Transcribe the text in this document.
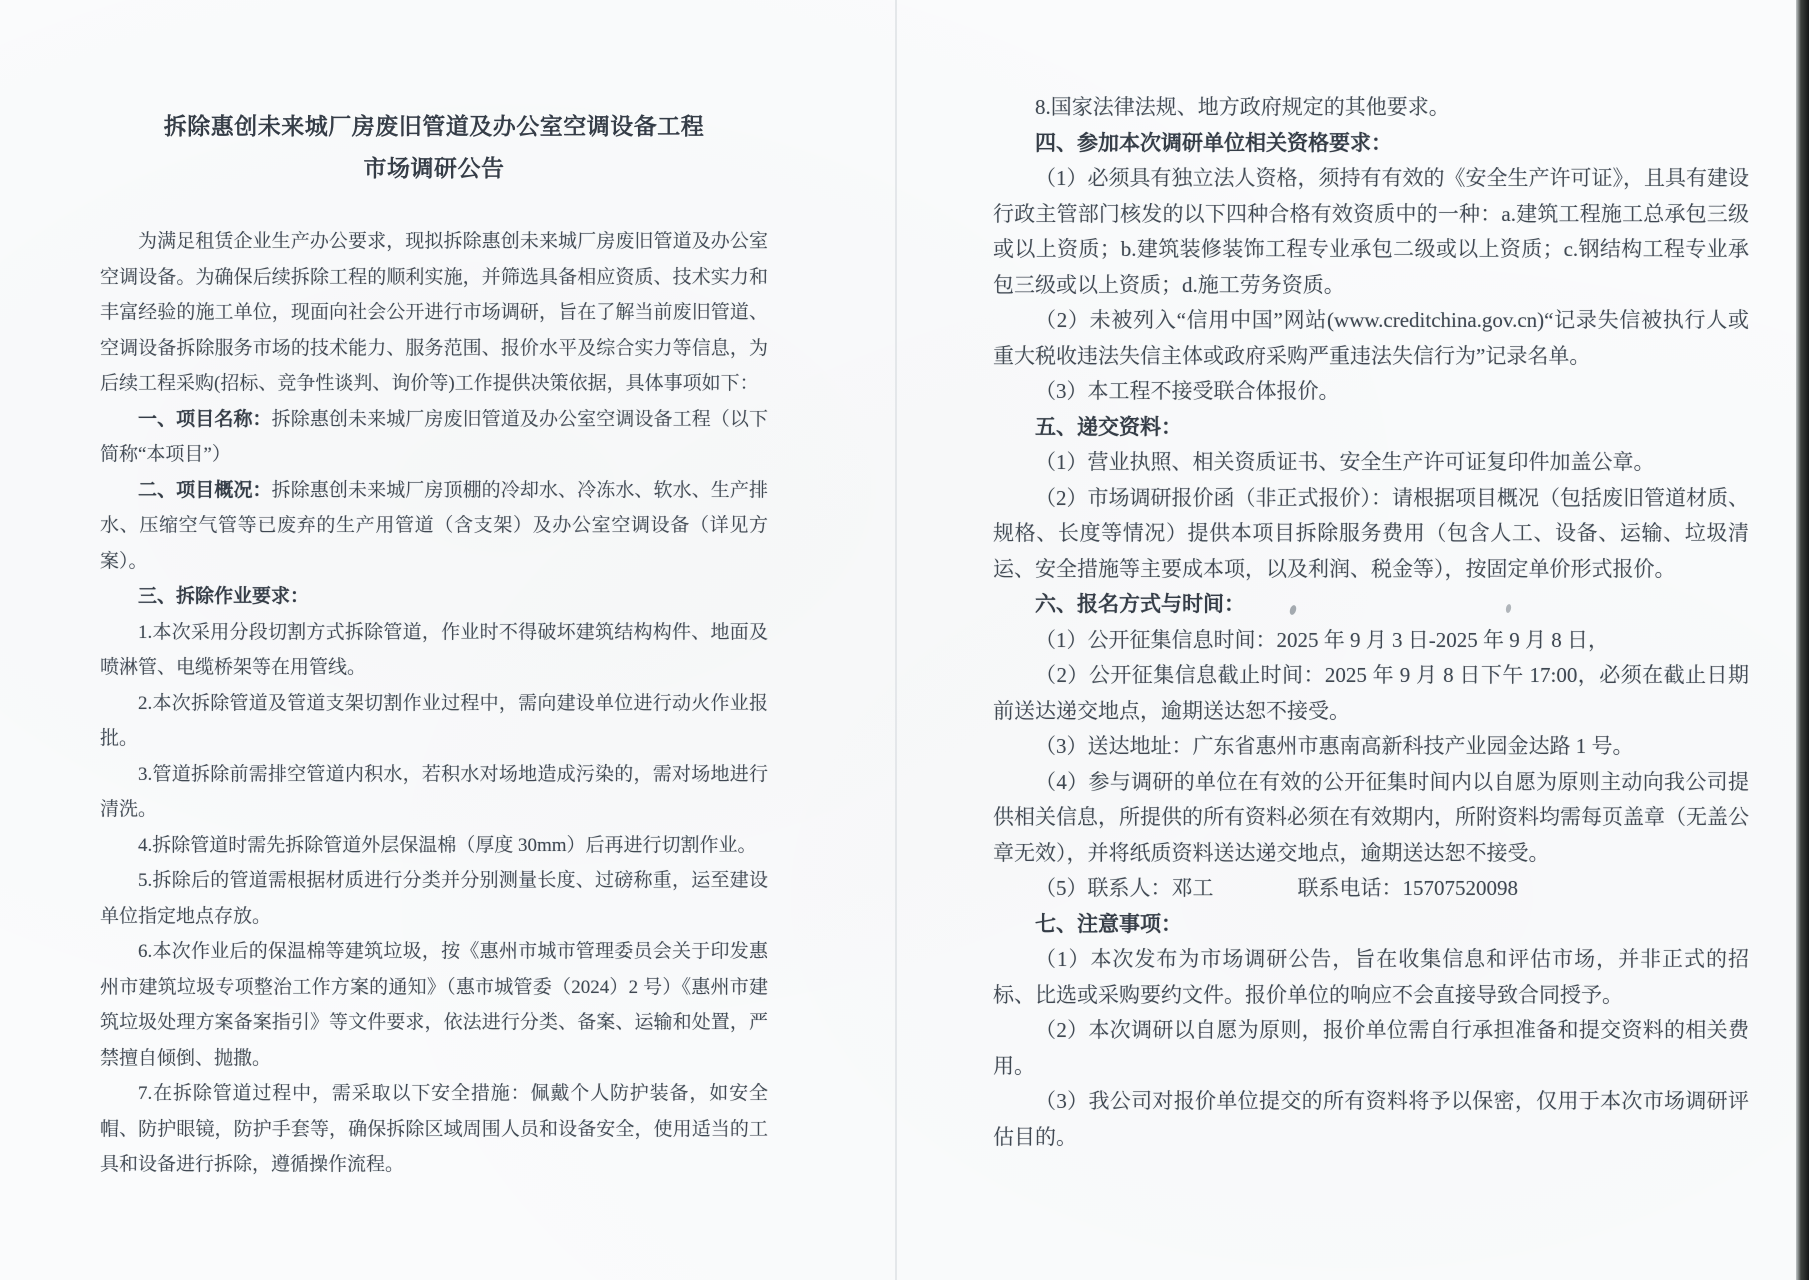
拆除惠创未来城厂房废旧管道及办公室空调设备工程
市场调研公告

为满足租赁企业生产办公要求，现拟拆除惠创未来城厂房废旧管道及办公室空调设备。为确保后续拆除工程的顺利实施，并筛选具备相应资质、技术实力和丰富经验的施工单位，现面向社会公开进行市场调研，旨在了解当前废旧管道、空调设备拆除服务市场的技术能力、服务范围、报价水平及综合实力等信息，为后续工程采购(招标、竞争性谈判、询价等)工作提供决策依据，具体事项如下：

一、项目名称：拆除惠创未来城厂房废旧管道及办公室空调设备工程（以下简称“本项目”）

二、项目概况：拆除惠创未来城厂房顶棚的冷却水、冷冻水、软水、生产排水、压缩空气管等已废弃的生产用管道（含支架）及办公室空调设备（详见方案）。

三、拆除作业要求：

1.本次采用分段切割方式拆除管道，作业时不得破坏建筑结构构件、地面及喷淋管、电缆桥架等在用管线。

2.本次拆除管道及管道支架切割作业过程中，需向建设单位进行动火作业报批。

3.管道拆除前需排空管道内积水，若积水对场地造成污染的，需对场地进行清洗。

4.拆除管道时需先拆除管道外层保温棉（厚度 30mm）后再进行切割作业。

5.拆除后的管道需根据材质进行分类并分别测量长度、过磅称重，运至建设单位指定地点存放。

6.本次作业后的保温棉等建筑垃圾，按《惠州市城市管理委员会关于印发惠州市建筑垃圾专项整治工作方案的通知》（惠市城管委（2024）2 号）《惠州市建筑垃圾处理方案备案指引》等文件要求，依法进行分类、备案、运输和处置，严禁擅自倾倒、抛撒。

7.在拆除管道过程中，需采取以下安全措施：佩戴个人防护装备，如安全帽、防护眼镜，防护手套等，确保拆除区域周围人员和设备安全，使用适当的工具和设备进行拆除，遵循操作流程。

8.国家法律法规、地方政府规定的其他要求。

四、参加本次调研单位相关资格要求：

（1）必须具有独立法人资格，须持有有效的《安全生产许可证》，且具有建设行政主管部门核发的以下四种合格有效资质中的一种：a.建筑工程施工总承包三级或以上资质；b.建筑装修装饰工程专业承包二级或以上资质；c.钢结构工程专业承包三级或以上资质；d.施工劳务资质。

（2）未被列入“信用中国”网站(www.creditchina.gov.cn)“记录失信被执行人或重大税收违法失信主体或政府采购严重违法失信行为”记录名单。

（3）本工程不接受联合体报价。

五、递交资料：

（1）营业执照、相关资质证书、安全生产许可证复印件加盖公章。

（2）市场调研报价函（非正式报价）：请根据项目概况（包括废旧管道材质、规格、长度等情况）提供本项目拆除服务费用（包含人工、设备、运输、垃圾清运、安全措施等主要成本项，以及利润、税金等），按固定单价形式报价。

六、报名方式与时间：

（1）公开征集信息时间：2025 年 9 月 3 日-2025 年 9 月 8 日，

（2）公开征集信息截止时间：2025 年 9 月 8 日下午 17:00，必须在截止日期前送达递交地点，逾期送达恕不接受。

（3）送达地址：广东省惠州市惠南高新科技产业园金达路 1 号。

（4）参与调研的单位在有效的公开征集时间内以自愿为原则主动向我公司提供相关信息，所提供的所有资料必须在有效期内，所附资料均需每页盖章（无盖公章无效），并将纸质资料送达递交地点，逾期送达恕不接受。

（5）联系人：邓工　　　　联系电话：15707520098

七、注意事项：

（1）本次发布为市场调研公告，旨在收集信息和评估市场，并非正式的招标、比选或采购要约文件。报价单位的响应不会直接导致合同授予。

（2）本次调研以自愿为原则，报价单位需自行承担准备和提交资料的相关费用。

（3）我公司对报价单位提交的所有资料将予以保密，仅用于本次市场调研评估目的。
